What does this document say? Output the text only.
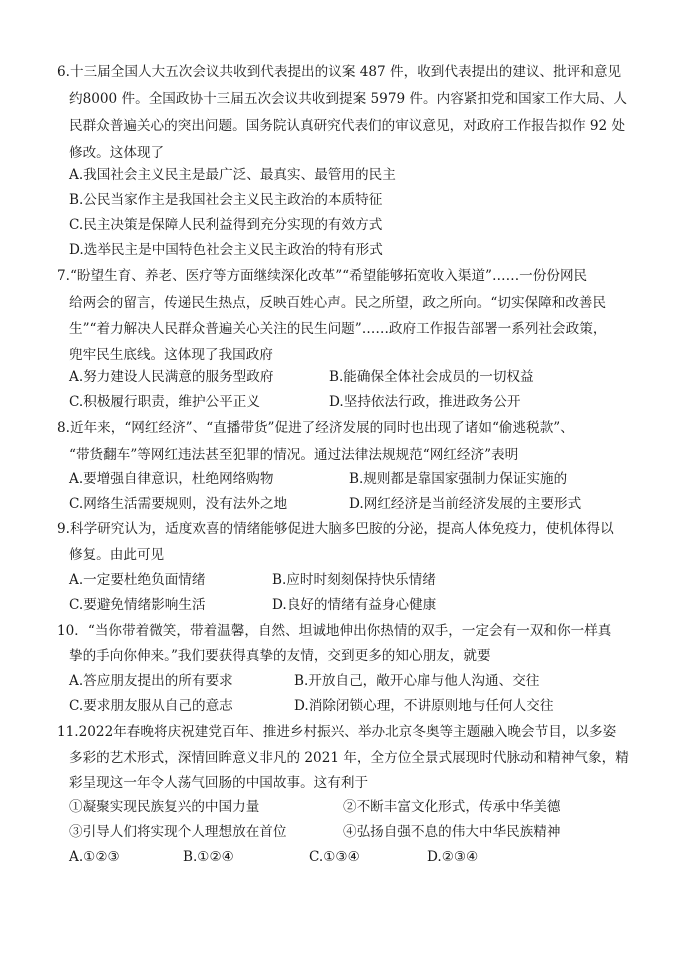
6.十三届全国人大五次会议共收到代表提出的议案 487 件，收到代表提出的建议、批评和意见
约8000 件。全国政协十三届五次会议共收到提案 5979 件。内容紧扣党和国家工作大局、人
民群众普遍关心的突出问题。国务院认真研究代表们的审议意见，对政府工作报告拟作 92 处
修改。这体现了
A.我国社会主义民主是最广泛、最真实、最管用的民主
B.公民当家作主是我国社会主义民主政治的本质特征
C.民主决策是保障人民利益得到充分实现的有效方式
D.选举民主是中国特色社会主义民主政治的特有形式
7.“盼望生育、养老、医疗等方面继续深化改革”“希望能够拓宽收入渠道”……一份份网民
给两会的留言，传递民生热点，反映百姓心声。民之所望，政之所向。“切实保障和改善民
生”“着力解决人民群众普遍关心关注的民生问题”……政府工作报告部署一系列社会政策，
兜牢民生底线。这体现了我国政府
A.努力建设人民满意的服务型政府	B.能确保全体社会成员的一切权益
C.积极履行职责，维护公平正义	D.坚持依法行政，推进政务公开
8.近年来，“网红经济”、“直播带货”促进了经济发展的同时也出现了诸如“偷逃税款”、
“带货翻车”等网红违法甚至犯罪的情况。通过法律法规规范“网红经济”表明
A.要增强自律意识，杜绝网络购物	B.规则都是靠国家强制力保证实施的
C.网络生活需要规则，没有法外之地	D.网红经济是当前经济发展的主要形式
9.科学研究认为，适度欢喜的情绪能够促进大脑多巴胺的分泌，提高人体免疫力，使机体得以
修复。由此可见
A.一定要杜绝负面情绪	B.应时时刻刻保持快乐情绪
C.要避免情绪影响生活	D.良好的情绪有益身心健康
10．“当你带着微笑，带着温馨，自然、坦诚地伸出你热情的双手，一定会有一双和你一样真
挚的手向你伸来。”我们要获得真挚的友情，交到更多的知心朋友，就要
A.答应朋友提出的所有要求	B.开放自己，敞开心扉与他人沟通、交往
C.要求朋友服从自己的意志	D.消除闭锁心理，不讲原则地与任何人交往
11.2022年春晚将庆祝建党百年、推进乡村振兴、举办北京冬奥等主题融入晚会节目，以多姿
多彩的艺术形式，深情回眸意义非凡的 2021 年，全方位全景式展现时代脉动和精神气象，精
彩呈现这一年令人荡气回肠的中国故事。这有利于
①凝聚实现民族复兴的中国力量	②不断丰富文化形式，传承中华美德
③引导人们将实现个人理想放在首位	④弘扬自强不息的伟大中华民族精神
A.①②③	B.①②④	C.①③④	D.②③④
